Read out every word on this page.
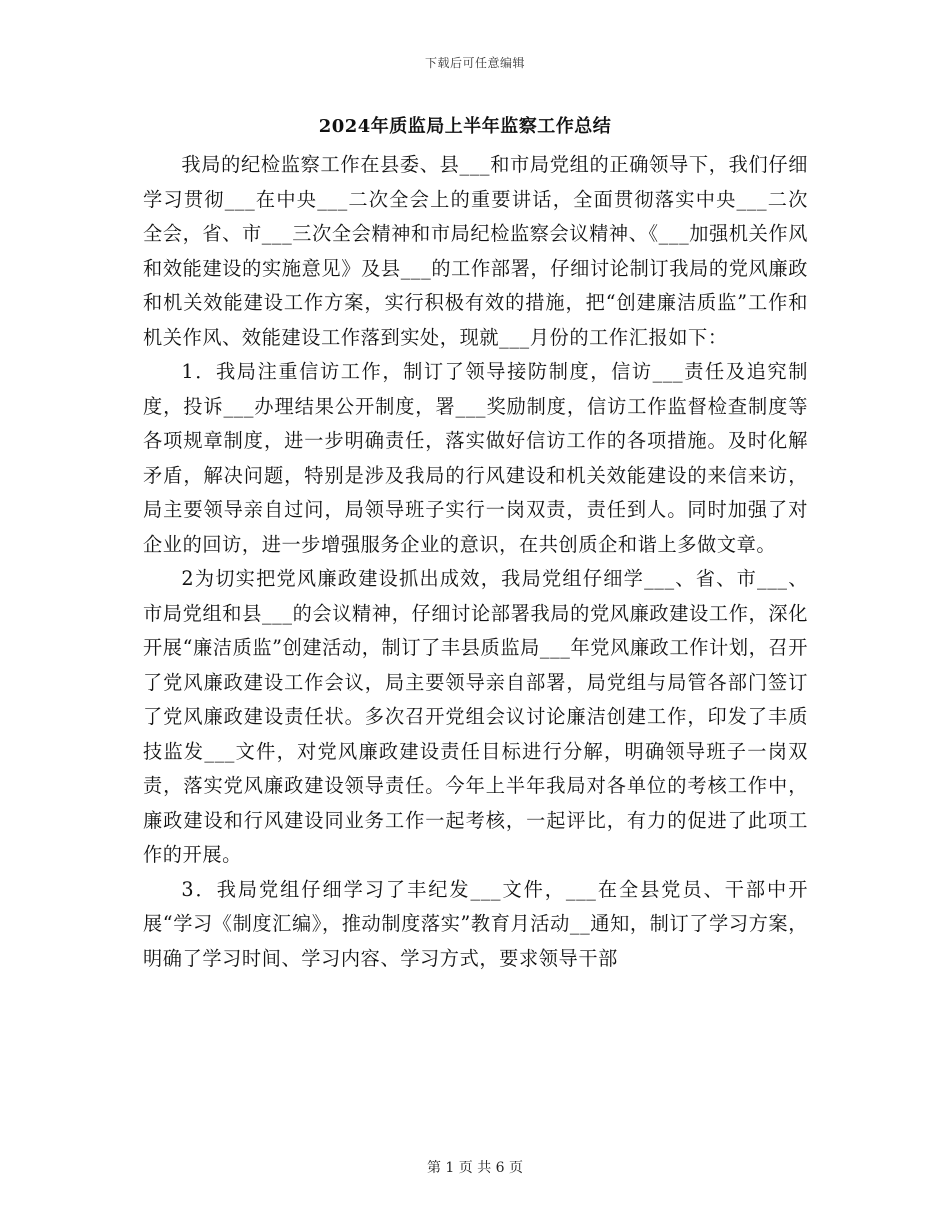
下载后可任意编辑
2024年质监局上半年监察工作总结

我局的纪检监察工作在县委、县___和市局党组的正确领导下，我们仔细学习贯彻___在中央___二次全会上的重要讲话，全面贯彻落实中央___二次全会，省、市___三次全会精神和市局纪检监察会议精神、《___加强机关作风和效能建设的实施意见》及县___的工作部署，仔细讨论制订我局的党风廉政和机关效能建设工作方案，实行积极有效的措施，把“创建廉洁质监”工作和机关作风、效能建设工作落到实处，现就___月份的工作汇报如下：

1．我局注重信访工作，制订了领导接防制度，信访___责任及追究制度，投诉___办理结果公开制度，署___奖励制度，信访工作监督检查制度等各项规章制度，进一步明确责任，落实做好信访工作的各项措施。及时化解矛盾，解决问题，特别是涉及我局的行风建设和机关效能建设的来信来访，局主要领导亲自过问，局领导班子实行一岗双责，责任到人。同时加强了对企业的回访，进一步增强服务企业的意识，在共创质企和谐上多做文章。

2为切实把党风廉政建设抓出成效，我局党组仔细学___、省、市___、市局党组和县___的会议精神，仔细讨论部署我局的党风廉政建设工作，深化开展“廉洁质监”创建活动，制订了丰县质监局___年党风廉政工作计划，召开了党风廉政建设工作会议，局主要领导亲自部署，局党组与局管各部门签订了党风廉政建设责任状。多次召开党组会议讨论廉洁创建工作，印发了丰质技监发___文件，对党风廉政建设责任目标进行分解，明确领导班子一岗双责，落实党风廉政建设领导责任。今年上半年我局对各单位的考核工作中，廉政建设和行风建设同业务工作一起考核，一起评比，有力的促进了此项工作的开展。

3．我局党组仔细学习了丰纪发___文件，___在全县党员、干部中开展“学习《制度汇编》，推动制度落实”教育月活动__通知，制订了学习方案，明确了学习时间、学习内容、学习方式，要求领导干部

第 1 页 共 6 页
